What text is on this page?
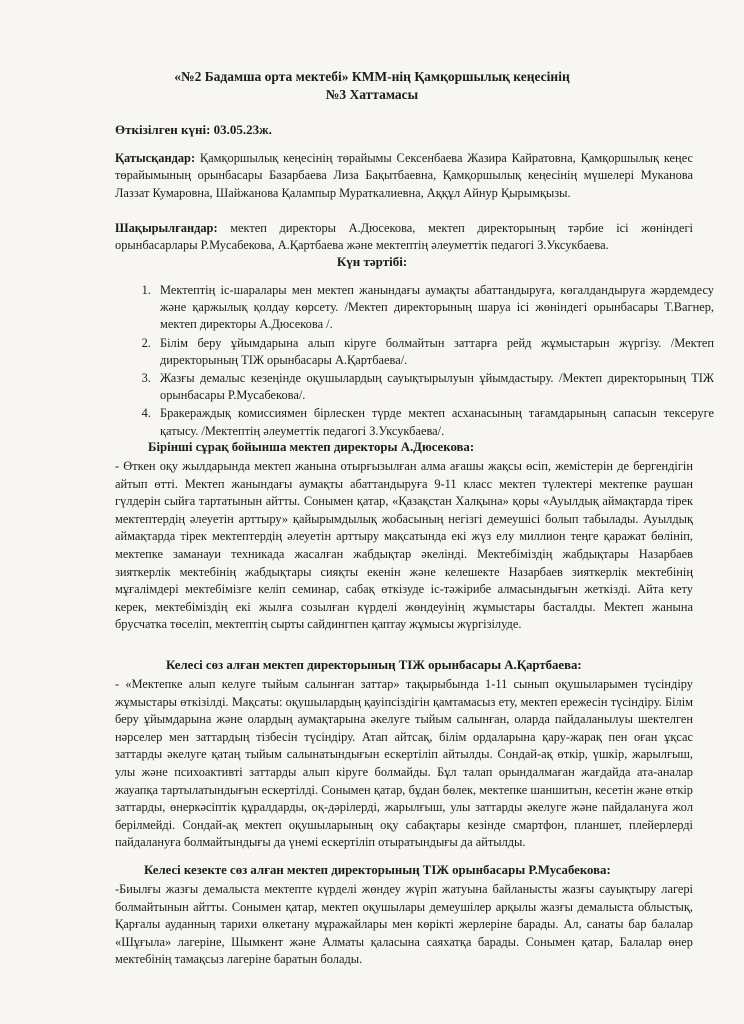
«№2 Бадамша орта мектебі» КММ-нің Қамқоршылық кеңесінің
№3 Хаттамасы
Өткізілген күні: 03.05.23ж.
Қатысқандар: Қамқоршылық кеңесінің төрайымы Сексенбаева Жазира Кайратовна, Қамқоршылық кеңес төрайымының орынбасары Базарбаева Лиза Бақытбаевна, Қамқоршылық кеңесінің мүшелері Муканова Лаззат Кумаровна, Шайжанова Қалампыр Мураткалиевна, Аққұл Айнур Қырымқызы.
Шақырылғандар: мектеп директоры А.Дюсекова, мектеп директорының тәрбие ісі жөніндегі орынбасарлары Р.Мусабекова, А.Қартбаева және мектептің әлеуметтік педагогі З.Уксукбаева.
Күн тәртібі:
1. Мектептің іс-шаралары мен мектеп жанындағы аумақты абаттандыруға, көгалдандыруға жәрдемдесу және қаржылық қолдау көрсету. /Мектеп директорының шаруа ісі жөніндегі орынбасары Т.Вагнер, мектеп директоры А.Дюсекова /.
2. Білім беру ұйымдарына алып кіруге болмайтын заттарға рейд жұмыстарын жүргізу. /Мектеп директорының ТІЖ орынбасары А.Қартбаева/.
3. Жазғы демалыс кезеңінде оқушылардың сауықтырылуын ұйымдастыру. /Мектеп директорының ТІЖ орынбасары Р.Мусабекова/.
4. Бракераждық комиссиямен бірлескен түрде мектеп асханасының тағамдарының сапасын тексеруге қатысу. /Мектептің әлеуметтік педагогі З.Уксукбаева/.
Бірінші сұрақ бойынша мектеп директоры А.Дюсекова:
- Өткен оқу жылдарында мектеп жанына отырғызылған алма ағашы жақсы өсіп, жемістерін де бергендігін айтып өтті. Мектеп жанындағы аумақты абаттандыруға 9-11 класс мектеп түлектері мектепке раушан гүлдерін сыйға тартатынын айтты. Сонымен қатар, «Қазақстан Халқына» қоры «Ауылдық аймақтарда тірек мектептердің әлеуетін арттыру» қайырымдылық жобасының негізгі демеушісі болып табылады. Ауылдық аймақтарда тірек мектептердің әлеуетін арттыру мақсатында екі жүз елу миллион теңге қаражат бөлініп, мектепке заманауи техникада жасалған жабдықтар әкелінді. Мектебіміздің жабдықтары Назарбаев зияткерлік мектебінің жабдықтары сияқты екенін және келешекте Назарбаев зияткерлік мектебінің мұғалімдері мектебімізге келіп семинар, сабақ өткізуде іс-тәжірибе алмасындығын жеткізді. Айта кету керек, мектебіміздің екі жылға созылған күрделі жөндеуінің жұмыстары басталды. Мектеп жанына брусчатка төселіп, мектептің сырты сайдингпен қаптау жұмысы жүргізілуде.
Келесі сөз алған мектеп директорының ТІЖ орынбасары А.Қартбаева:
- «Мектепке алып келуге тыйым салынған заттар» тақырыбында 1-11 сынып оқушыларымен түсіндіру жұмыстары өткізілді. Мақсаты: оқушылардың қауіпсіздігін қамтамасыз ету, мектеп ережесін түсіндіру. Білім беру ұйымдарына және олардың аумақтарына әкелуге тыйым салынған, оларда пайдаланылуы шектелген нәрселер мен заттардың тізбесін түсіндіру. Атап айтсақ, білім ордаларына қару-жарақ пен оған ұқсас заттарды әкелуге қатаң тыйым салынатындығын ескертіліп айтылды. Сондай-ақ өткір, үшкір, жарылғыш, улы және психоактивті заттарды алып кіруге болмайды. Бұл талап орындалмаған жағдайда ата-аналар жауапқа тартылатындығын ескертілді. Сонымен қатар, бұдан бөлек, мектепке шаншитын, кесетін және өткір заттарды, өнеркәсіптік құралдарды, оқ-дәрілерді, жарылғыш, улы заттарды әкелуге және пайдалануға жол берілмейді. Сондай-ақ мектеп оқушыларының оқу сабақтары кезінде смартфон, планшет, плейерлерді пайдалануға болмайтындығы да үнемі ескертіліп отыратындығы да айтылды.
Келесі кезекте сөз алған мектеп директорының ТІЖ орынбасары Р.Мусабекова:
-Биылғы жазғы демалыста мектепте күрделі жөндеу жүріп жатуына байланысты жазғы сауықтыру лагері болмайтынын айтты. Сонымен қатар, мектеп оқушылары демеушілер арқылы жазғы демалыста облыстық, Қарғалы ауданның тарихи өлкетану мұражайлары мен көрікті жерлеріне барады. Ал, санаты бар балалар «Шұғыла» лагеріне, Шымкент және Алматы қаласына саяхатқа барады. Сонымен қатар, Балалар өнер мектебінің тамақсыз лагеріне баратын болады.
